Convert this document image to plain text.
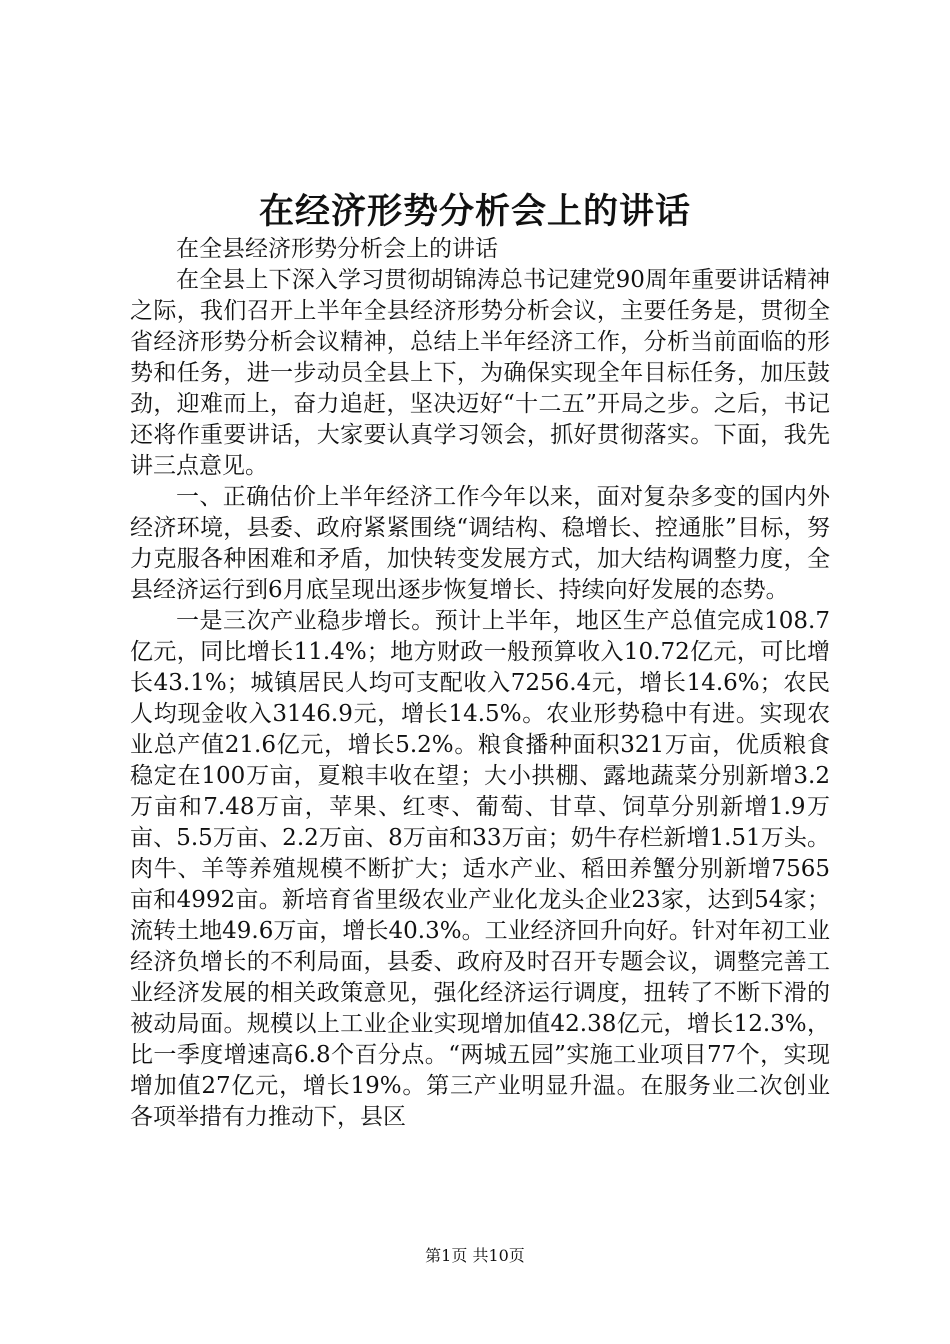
在经济形势分析会上的讲话

在全县经济形势分析会上的讲话

在全县上下深入学习贯彻胡锦涛总书记建党90周年重要讲话精神之际，我们召开上半年全县经济形势分析会议，主要任务是，贯彻全省经济形势分析会议精神，总结上半年经济工作，分析当前面临的形势和任务，进一步动员全县上下，为确保实现全年目标任务，加压鼓劲，迎难而上，奋力追赶，坚决迈好“十二五”开局之步。之后，书记还将作重要讲话，大家要认真学习领会，抓好贯彻落实。下面，我先讲三点意见。

一、正确估价上半年经济工作今年以来，面对复杂多变的国内外经济环境，县委、政府紧紧围绕“调结构、稳增长、控通胀”目标，努力克服各种困难和矛盾，加快转变发展方式，加大结构调整力度，全县经济运行到6月底呈现出逐步恢复增长、持续向好发展的态势。

一是三次产业稳步增长。预计上半年，地区生产总值完成108.7亿元，同比增长11.4%；地方财政一般预算收入10.72亿元，可比增长43.1%；城镇居民人均可支配收入7256.4元，增长14.6%；农民人均现金收入3146.9元，增长14.5%。农业形势稳中有进。实现农业总产值21.6亿元，增长5.2%。粮食播种面积321万亩，优质粮食稳定在100万亩，夏粮丰收在望；大小拱棚、露地蔬菜分别新增3.2万亩和7.48万亩，苹果、红枣、葡萄、甘草、饲草分别新增1.9万亩、5.5万亩、2.2万亩、8万亩和33万亩；奶牛存栏新增1.51万头。肉牛、羊等养殖规模不断扩大；适水产业、稻田养蟹分别新增7565亩和4992亩。新培育省里级农业产业化龙头企业23家，达到54家；流转土地49.6万亩，增长40.3%。工业经济回升向好。针对年初工业经济负增长的不利局面，县委、政府及时召开专题会议，调整完善工业经济发展的相关政策意见，强化经济运行调度，扭转了不断下滑的被动局面。规模以上工业企业实现增加值42.38亿元，增长12.3%，比一季度增速高6.8个百分点。“两城五园”实施工业项目77个，实现增加值27亿元，增长19%。第三产业明显升温。在服务业二次创业各项举措有力推动下，县区

第1页 共10页
